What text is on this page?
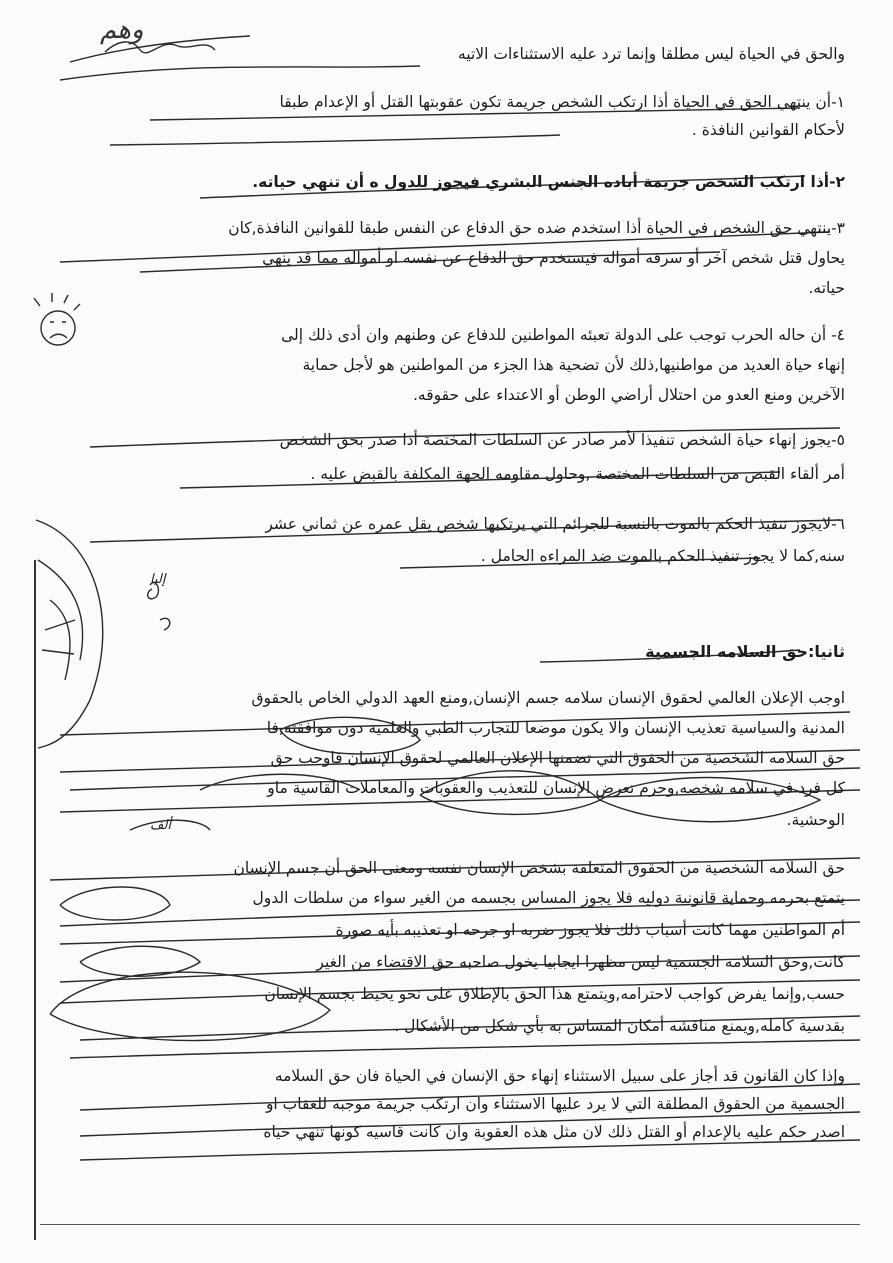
وهم
والحق في الحياة ليس مطلقا وإنما ترد عليه الاستثناءات الاتيه
١-أن ينتهي الحق في الحياة أذا ارتكب الشخص جريمة تكون عقوبتها القتل أو الإعدام طبقا
لأحكام القوانين النافذة .
٢-أذا ارتكب الشخص جريمة أباده الجنس البشري فيجوز للدول ه أن تنهي حياته.
٣-ينتهي حق الشخص في الحياة أذا استخدم ضده حق الدفاع عن النفس طبقا للقوانين النافذة,كان
يحاول قتل شخص آخر أو سرقه أمواله فيستخدم حق الدفاع عن نفسه او أمواله مما قد ينهي
حياته.
٤- أن حاله الحرب توجب على الدولة تعبئه المواطنين للدفاع عن وطنهم وان أدى ذلك إلى
إنهاء حياة العديد من مواطنيها,ذلك لأن تضحية هذا الجزء من المواطنين هو لأجل حماية
الآخرين ومنع العدو من احتلال أراضي الوطن أو الاعتداء على حقوقه.
٥-يجوز إنهاء حياة الشخص تنفيذا لأمر صادر عن السلطات المختصة أذا صدر بحق الشخص
أمر ألقاء القبض من السلطات المختصة ,وحاول مقاومه الجهة المكلفة بالقبض عليه .
٦-لايجوز تنفيذ الحكم بالموت بالنسبة للجرائم التي يرتكبها شخص يقل عمره عن ثماني عشر
سنه,كما لا يجوز تنفيذ الحكم بالموت ضد المراءه الحامل .
إليا
ثانيا:حق السلامه الجسمية
اوجب الإعلان العالمي لحقوق الإنسان سلامه جسم الإنسان,ومنع العهد الدولي الخاص بالحقوق
المدنية والسياسية تعذيب الإنسان والا يكون موضعا للتجارب الطبي والعلمية دون موافقته,فا
حق السلامه الشخصية من الحقوق التي تضمنها الإعلان العالمي لحقوق الإنسان فاوجب حق
كل فرد في سلامه شخصه,وحرم تعرض الإنسان للتعذيب والعقوبات والمعاملات القاسية ماو
الوحشية.
ألف
حق السلامه الشخصية من الحقوق المتعلقة بشخص الإنسان نفسه ومعنى الحق أن جسم الإنسان
يتمتع بحرمه وحماية قانونية دوليه فلا يجوز المساس بجسمه من الغير سواء من سلطات الدول
أم المواطنين مهما كانت أسباب ذلك فلا يجوز ضربه او جرحه او تعذيبه بأيه صورة
كانت,وحق السلامه الجسمية ليس مظهرا ايجابيا يخول صاحبه حق الاقتضاء من الغير
حسب,وإنما يفرض كواجب لاحترامه,ويتمتع هذا الحق بالإطلاق على نحو يحيط بجسم الإنسان
بقدسية كامله,ويمنع مناقشه أمكان المساس به بأي شكل من الأشكال .
وإذا كان القانون قد أجاز على سبيل الاستثناء إنهاء حق الإنسان في الحياة فان حق السلامه
الجسمية من الحقوق المطلقة التي لا يرد عليها الاستثناء وان ارتكب جريمة موجبه للعقاب او
اصدر حكم عليه بالإعدام أو القتل ذلك لان مثل هذه العقوبة وان كانت قاسيه كونها تنهي حياة
